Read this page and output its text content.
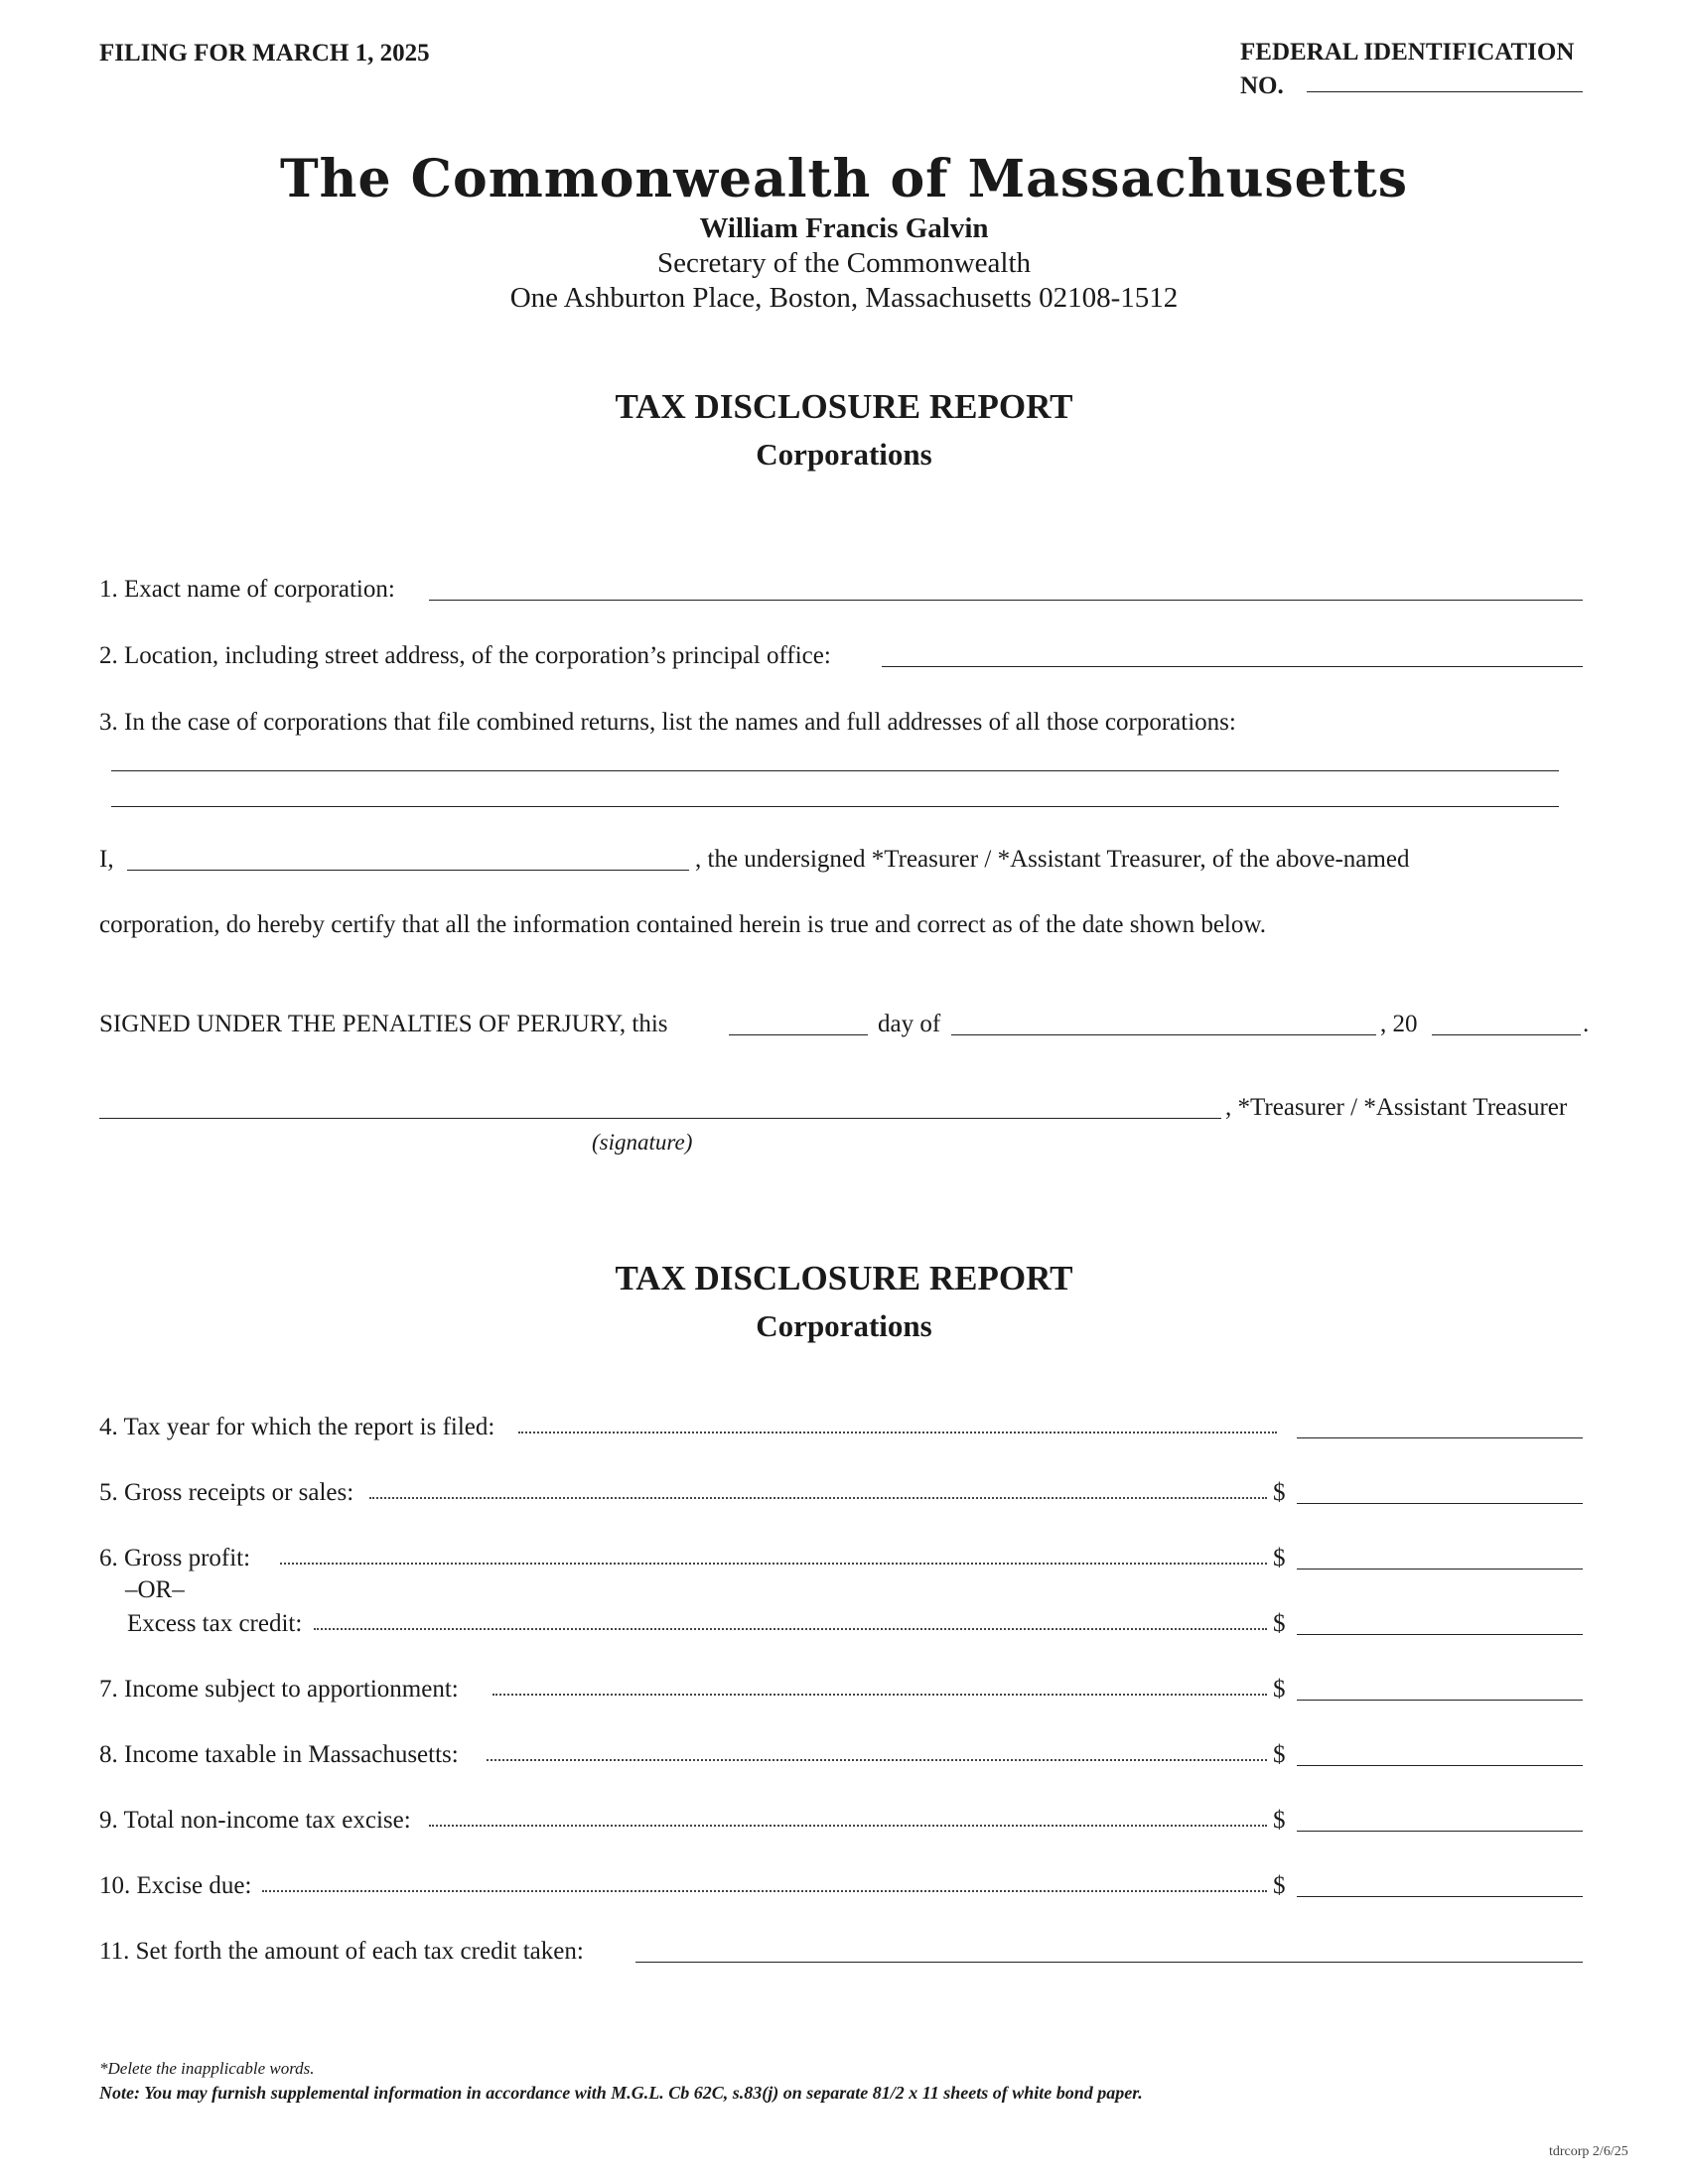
FILING FOR MARCH 1, 2025	FEDERAL IDENTIFICATION
NO.
The Commonwealth of Massachusetts
William Francis Galvin
Secretary of the Commonwealth
One Ashburton Place, Boston, Massachusetts 02108-1512
TAX DISCLOSURE REPORT
Corporations
1. Exact name of corporation:
2. Location, including street address, of the corporation’s principal office:
3. In the case of corporations that file combined returns, list the names and full addresses of all those corporations:
I,	, the undersigned *Treasurer / *Assistant Treasurer, of the above-named
corporation, do hereby certify that all the information contained herein is true and correct as of the date shown below.
SIGNED UNDER THE PENALTIES OF PERJURY, this	day of	, 20	.
, *Treasurer / *Assistant Treasurer
(signature)
TAX DISCLOSURE REPORT
Corporations
4. Tax year for which the report is filed:
5. Gross receipts or sales:	$
6. Gross profit:	$
–OR–
Excess tax credit:	$
7. Income subject to apportionment:	$
8. Income taxable in Massachusetts:	$
9. Total non-income tax excise:	$
10. Excise due:	$
11. Set forth the amount of each tax credit taken:
*Delete the inapplicable words.
Note: You may furnish supplemental information in accordance with M.G.L. Cb 62C, s.83(j) on separate 81/2 x 11 sheets of white bond paper.
tdrcorp 2/6/25
